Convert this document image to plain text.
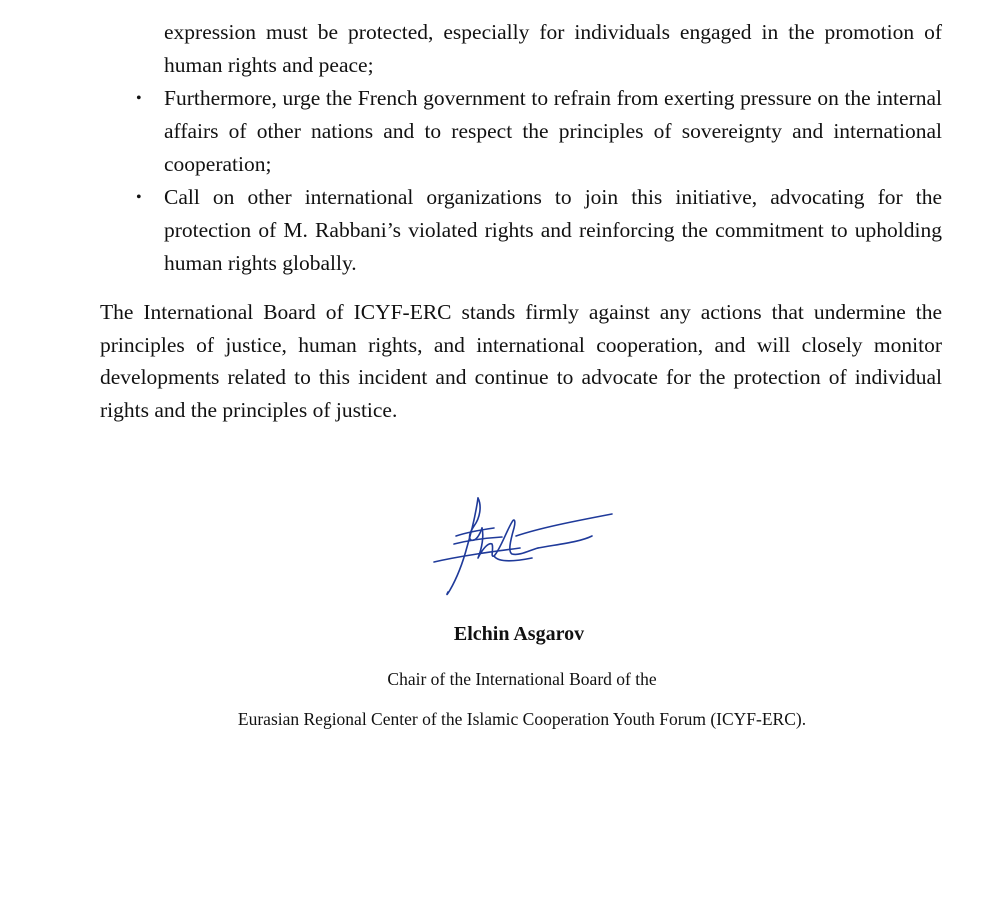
expression must be protected, especially for individuals engaged in the promotion of human rights and peace;
• Furthermore, urge the French government to refrain from exerting pressure on the internal affairs of other nations and to respect the principles of sovereignty and international cooperation;
• Call on other international organizations to join this initiative, advocating for the protection of M. Rabbani’s violated rights and reinforcing the commitment to upholding human rights globally.

The International Board of ICYF-ERC stands firmly against any actions that undermine the principles of justice, human rights, and international cooperation, and will closely monitor developments related to this incident and continue to advocate for the protection of individual rights and the principles of justice.

Elchin Asgarov
Chair of the International Board of the
Eurasian Regional Center of the Islamic Cooperation Youth Forum (ICYF-ERC).
